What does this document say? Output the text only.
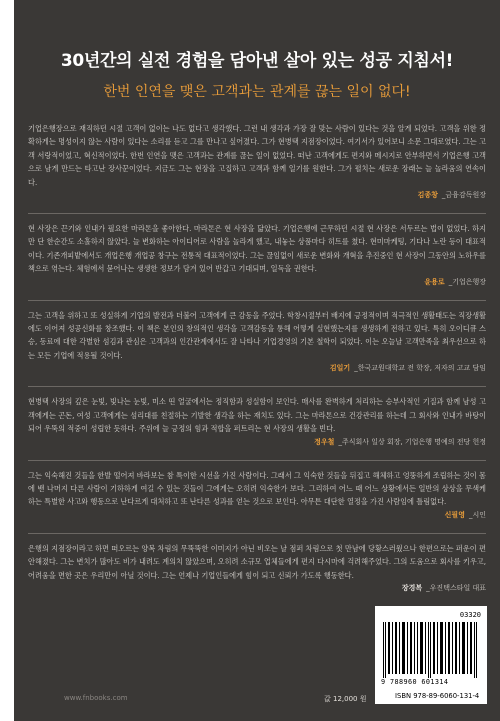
30년간의 실전 경험을 담아낸 살아 있는 성공 지침서!
한번 인연을 맺은 고객과는 관계를 끊는 일이 없다!

기업은행장으로 재직하던 시절 고객이 없이는 나도 없다고 생각했다. 그런 내 생각과 가장 잘 맞는 사람이 있다는 것을 알게 되었다. 고객을 위한 정확하게는 명성이지 않는 사람이 있다는 소리를 듣고 그를 만나고 싶어졌다. 그가 현병택 지점장이었다. 여기서가 있어보니 소문 그대로였다. 그는 고객 서랑적이었고, 혁신적이었다. 한번 인연을 맺은 고객과는 관계를 끊는 일이 없었다. 떠난 고객에게도 편지와 메시지로 안부하면서 기업은행 고객으로 남게 만드는 타고난 장사꾼이었다. 지금도 그는 현장을 고집하고 고객과 함께 일기를 원한다. 그가 펼치는 새로운 장래는 늘 놀라움의 연속이다.

김종창 _금융감독원장

현 사장은 끈기와 인내가 필요한 마라톤을 좋아한다. 마라톤은 현 사장을 닮았다. 기업은행에 근무하던 시절 현 사장은 서두르는 법이 없었다. 하지만 단 한순간도 소홀하지 않았다. 늘 변화하는 아이디어로 사람을 놀라게 했고, 내놓는 상품마다 히트를 쳤다. 현미마케팅, 기다나 노란 등이 대표적이다. 기존개피밭에서도 개업은행 개업공 창구는 전통적 대표적이었다. 그는 끊임없이 새로운 변화와 개혁을 추진중인 현 사장이 그동안의 노하우를 책으로 엮는다. 체험에서 묻어나는 생생한 정보가 담겨 있어 반갑고 기대되며, 일독을 권한다.

윤용로 _기업은행장

그는 고객을 위하고 또 성실하게 기업의 발전과 더불어 고객에게 큰 감동을 주었다. 학창시절부터 배지에 긍정적이며 적극적인 생활태도는 직장생활에도 이어져 성공신화를 창조했다. 이 책은 본인의 창의적인 생각을 고객감동을 통해 어떻게 실현했는지를 생생하게 전하고 있다. 특히 오이디큐 스승, 동료에 대한 각별한 섬김과 관심은 고객과의 인간관계에서도 잘 나타나 기업경영의 기본 철학이 되었다. 이는 오늘날 고객만족을 최우선으로 하는 모든 기업에 적용될 것이다.

김일기 _한국교원대학교 전 학장, 저자의 고교 담임

현병택 사장의 깊은 눈빛, 빛나는 눈빛, 미소 띤 얼굴에서는 정직함과 성실함이 보인다. 매사를 완벽하게 처리하는 승부사적인 기질과 함께 남성 고객에게는 곤돈, 여성 고객에게는 섬리대를 친절하는 기발한 생각을 하는 재치도 있다. 그는 마라톤으로 건강관리를 하는데 그 회사와 인내가 바탕이 되어 우뚝의 적중이 성립한 듯하다. 주위에 늘 긍정의 힘과 적합을 퍼트리는 현 사장의 생활을 빈다.

정우철 _주식회사 일상 회장, 기업은행 명예의 전당 헌정

그는 익숙해진 것들을 한발 떨어져 바라보는 참 특이한 시선을 가진 사람이다. 그래서 그 익숙한 것들을 뒤집고 해체하고 엉뚱하게 조립하는 것이 몸에 밴 나머지 다른 사람이 기하하게 여길 수 있는 것들이 그에게는 오히려 익숙한가 보다. 그리하여 어느 때 어느 상황에서든 일반의 상상을 무색케 하는 특별한 사고와 행동으로 난다르게 대처하고 또 난다른 성과를 얻는 것으로 보인다. 아무튼 대단한 열정을 가진 사람임에 틀림없다.

신필영 _시인

은행의 지점장이라고 하면 떠오르는 양복 차림의 무뚝뚝한 이미지가 아닌 비오는 날 점퍼 차림으로 첫 만남에 당황스러웠으나 한편으로는 퍼운이 편안해졌다. 그는 변치가 많아도 비가 내려도 계의치 않았으며, 오히려 소규모 업체들에게 편지 다시마에 걱려해주었다. 그의 도움으로 회사를 키우고, 어려움을 면한 곳은 우리만이 아닐 것이다. 그는 언제나 기업인들에게 힘이 되고 신뢰가 가도록 행동한다.

장경복 _우진택스타일 대표
www.fnbooks.com	값 12,000 원
03320
9 788960 601314
ISBN 978-89-6060-131-4
